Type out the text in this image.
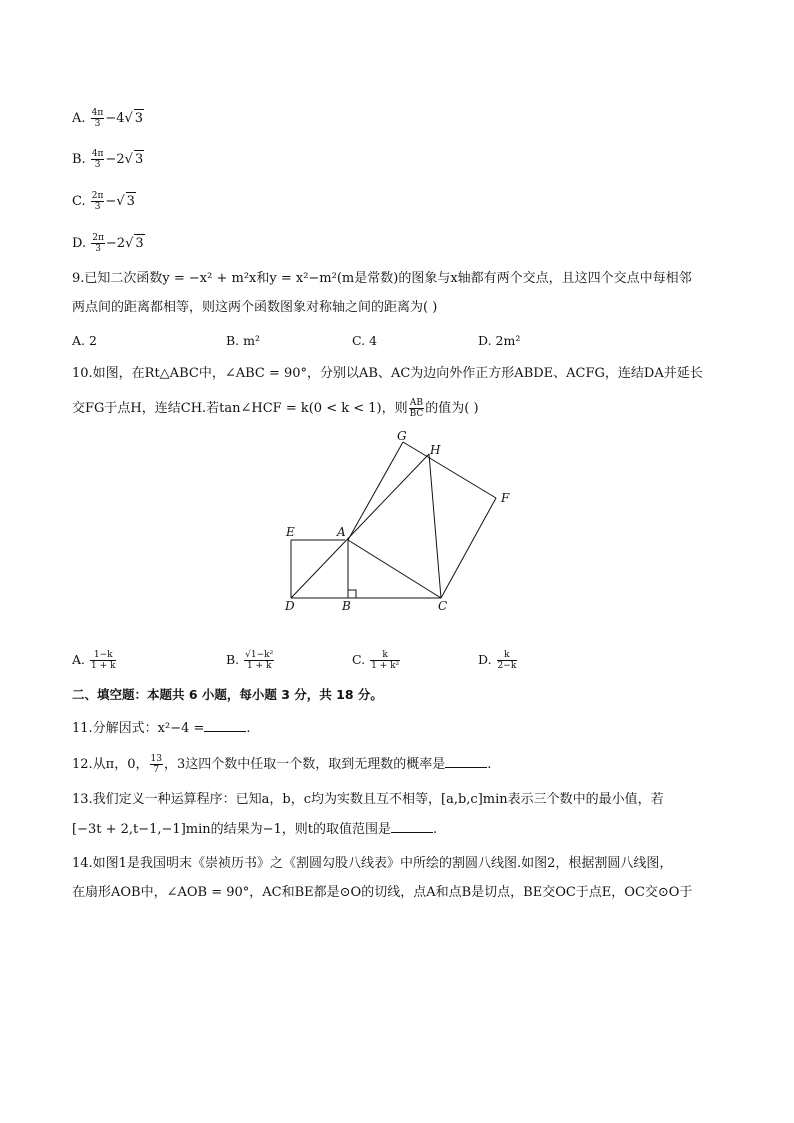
A. $\frac{4\pi}{3} -4√$ 3
B. $\frac{4\pi}{3} -2√$ 3
C. $\frac{2\pi}{3}$ −√ 3
D. $\frac{2\pi}{3} -2√$ 3
9.已知二次函数y = −x² + m²x和y = x²−m²(m是常数)的图象与x轴都有两个交点，且这四个交点中每相邻
两点间的距离都相等，则这两个函数图象对称轴之间的距离为( )
A. 2	B. m²	C. 4	D. 2m²
10.如图，在Rt△ABC中，∠ABC = 90°，分别以AB、AC为边向外作正方形ABDE、ACFG，连结DA并延长
交FG于点H，连结CH.若tan∠HCF = k(0 < k < 1)，则 $\frac{AB}{BC}$ 的值为( )
G
H
F
E	A
D	B	C
A. $\frac{1-k}{1 + k}$	B. $\frac{\text{√1−k²}}{1 + k}$	C. $\frac{k}{\text{1 + k²}}$	D. $\frac{k}{2-k}$
二、填空题：本题共 6 小题，每小题 3 分，共 18 分。
11.分解因式：x²−4 =	.
12.从π，0， $\frac{13}{7}$ ，3这四个数中任取一个数，取到无理数的概率是	.
13.我们定义一种运算程序：已知a，b，c均为实数且互不相等，[a,b,c]min表示三个数中的最小值，若
[−3t + 2,t−1,−1]min的结果为−1，则t的取值范围是	.
14.如图1是我国明末《崇祯历书》之《割圆勾股八线表》中所绘的割圆八线图.如图2，根据割圆八线图，
在扇形AOB中，∠AOB = 90°，AC和BE都是⊙O的切线，点A和点B是切点，BE交OC于点E，OC交⊙O于
